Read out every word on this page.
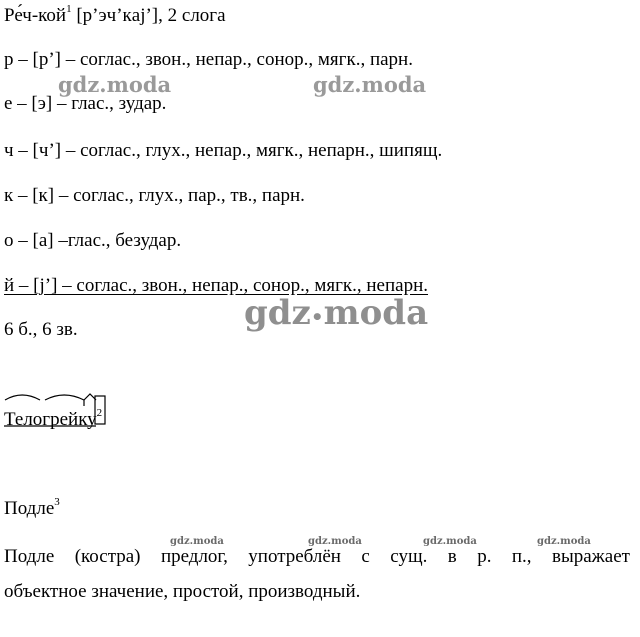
Ре́ч-кой$^1$ [р’эч’кaj’], 2 слога
р – [р’] – соглас., звон., непар., сонор., мягк., парн.
gdz.moda	gdz.moda
е – [э] – глас., зудар.
ч – [ч’] – соглас., глух., непар., мягк., непарн., шипящ.
к – [к] – соглас., глух., пар., тв., парн.
о – [а] –глас., безудар.
й – [j’] – соглас., звон., непар., сонор., мягк., непарн.
gdz•moda
6 б., 6 зв.
Телогрейку$^2$
Подле$^3$
gdz.moda	gdz.moda	gdz.moda	gdz.moda
Подле (костра) предлог, употреблён с сущ. в р. п., выражает
объектное значение, простой, производный.
